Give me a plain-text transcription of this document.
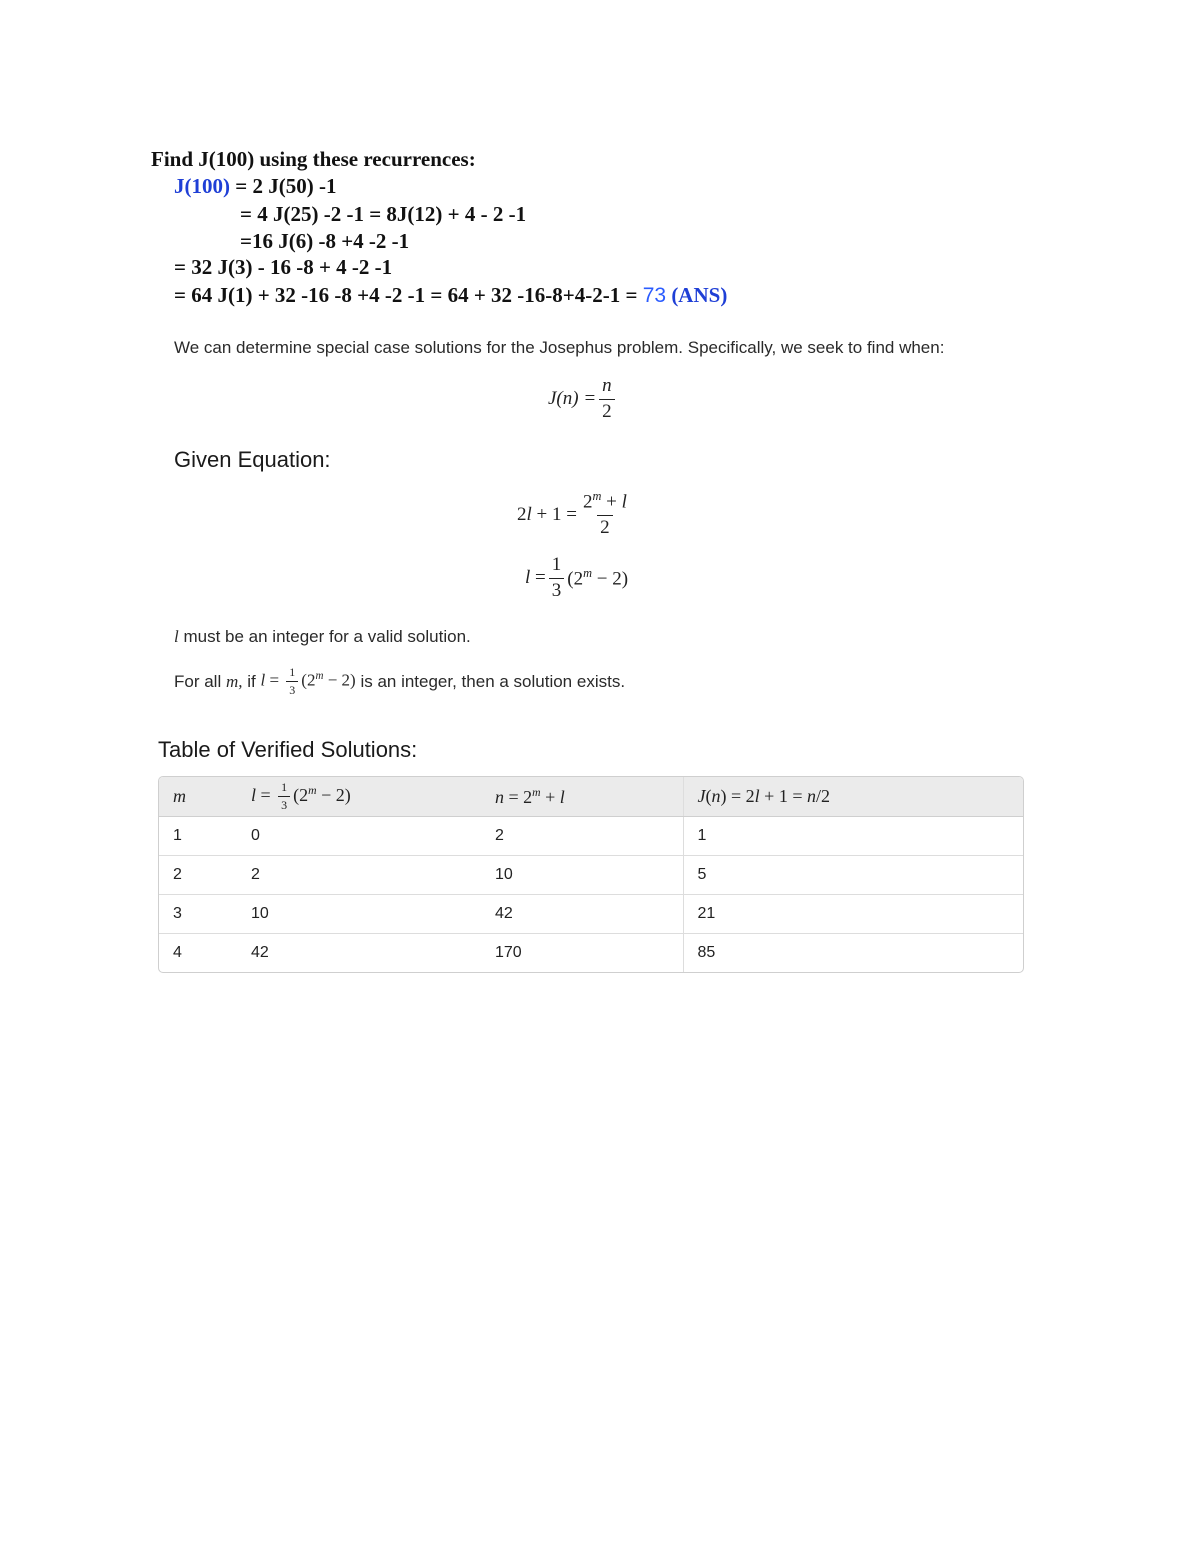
Find J(100) using these recurrences:
J(100) = 2 J(50) -1
= 4 J(25) -2 -1 = 8J(12) + 4 - 2 -1
=16 J(6) -8 +4 -2 -1
= 32 J(3) - 16 -8 + 4 -2 -1
= 64 J(1) + 32 -16 -8 +4 -2 -1 = 64 + 32 -16-8+4-2-1 = 73 (ANS)
We can determine special case solutions for the Josephus problem. Specifically, we seek to find when:
$J(n) = \frac{n}{2}$
Given Equation:
$2l + 1 = \frac{2^m + l}{2}$
$l = \frac{1}{3} (2^m - 2)$
l must be an integer for a valid solution.
For all
m,
if
$l = \frac{1}{3} (2^m - 2)$
is an integer, then a solution exists.
Table of Verified Solutions:
m	$l = \frac{1}{3} (2^m - 2)$	$n = 2^m + l$	J(n) = 2l + 1 = n/2
1	0	2	1
2	2	10	5
3	10	42	21
4	42	170	85
